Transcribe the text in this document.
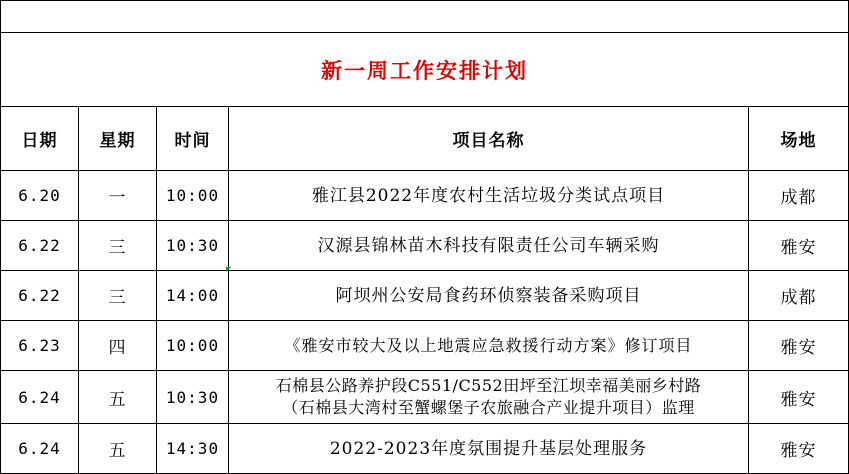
新一周工作安排计划				
日期	星期	时间	项目名称	场地
6.20	一	10:00	雅江县2022年度农村生活垃圾分类试点项目	成都
6.22	三	10:30	汉源县锦林苗木科技有限责任公司车辆采购	雅安
6.22	三	14:00	阿坝州公安局食药环侦察装备采购项目	成都
6.23	四	10:00	《雅安市较大及以上地震应急救援行动方案》修订项目	雅安
6.24	五	10:30	石棉县公路养护段C551/C552田坪至江坝幸福美丽乡村路
（石棉县大湾村至蟹螺堡子农旅融合产业提升项目）监理	雅安
6.24	五	14:30	2022-2023年度氛围提升基层处理服务	雅安
